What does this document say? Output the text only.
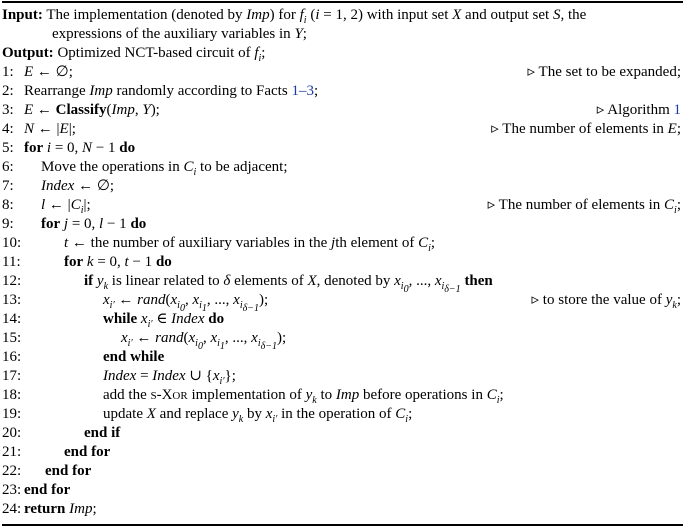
Input: The implementation (denoted by Imp) for $f_i$ (i = 1, 2) with input set X and output set S, the
expressions of the auxiliary variables in Y;
Output: Optimized NCT-based circuit of $f_i$;
1: E ← ∅;	▹ The set to be expanded;
2: Rearrange Imp randomly according to Facts 1–3;
3: E ← Classify(Imp, Y);	▹ Algorithm 1
4: N ← |E|;	▹ The number of elements in E;
5: for i = 0, N − 1 do
6: Move the operations in $C_i$ to be adjacent;
7: Index ← ∅;
8: l ← $|C_i|$;	▹ The number of elements in $C_i$;
9: for j = 0, l − 1 do
10:	t ← the number of auxiliary variables in the jth element of $C_i$;
11:	for k = 0, t − 1 do
12:	if $y_k$ is linear related to δ elements of X, denoted by $x_{i_0}$, ..., $x_{i_{\delta-1}}$ then
13:	$x_{i'}$ ← $rand(x_{i_0}$, $x_{i_1}$, ..., $x_{i_{\delta-1}}$);	▹ to store the value of $y_k$;
14:	while $x_{i'}$ ∈ Index do
15:	$x_{i'}$ ← $rand(x_{i_0}$, $x_{i_1}$, ..., $x_{i_{\delta-1}}$);
16:	end while
17:	Index = Index ∪ $\{x_{i'}\}$;
18:	add the s-Xor implementation of $y_k$ to Imp before operations in $C_i$;
19:	update X and replace $y_k$ by $x_{i'}$ in the operation of $C_i$;
20:	end if
21:	end for
22: end for
23: end for
24: return Imp;
